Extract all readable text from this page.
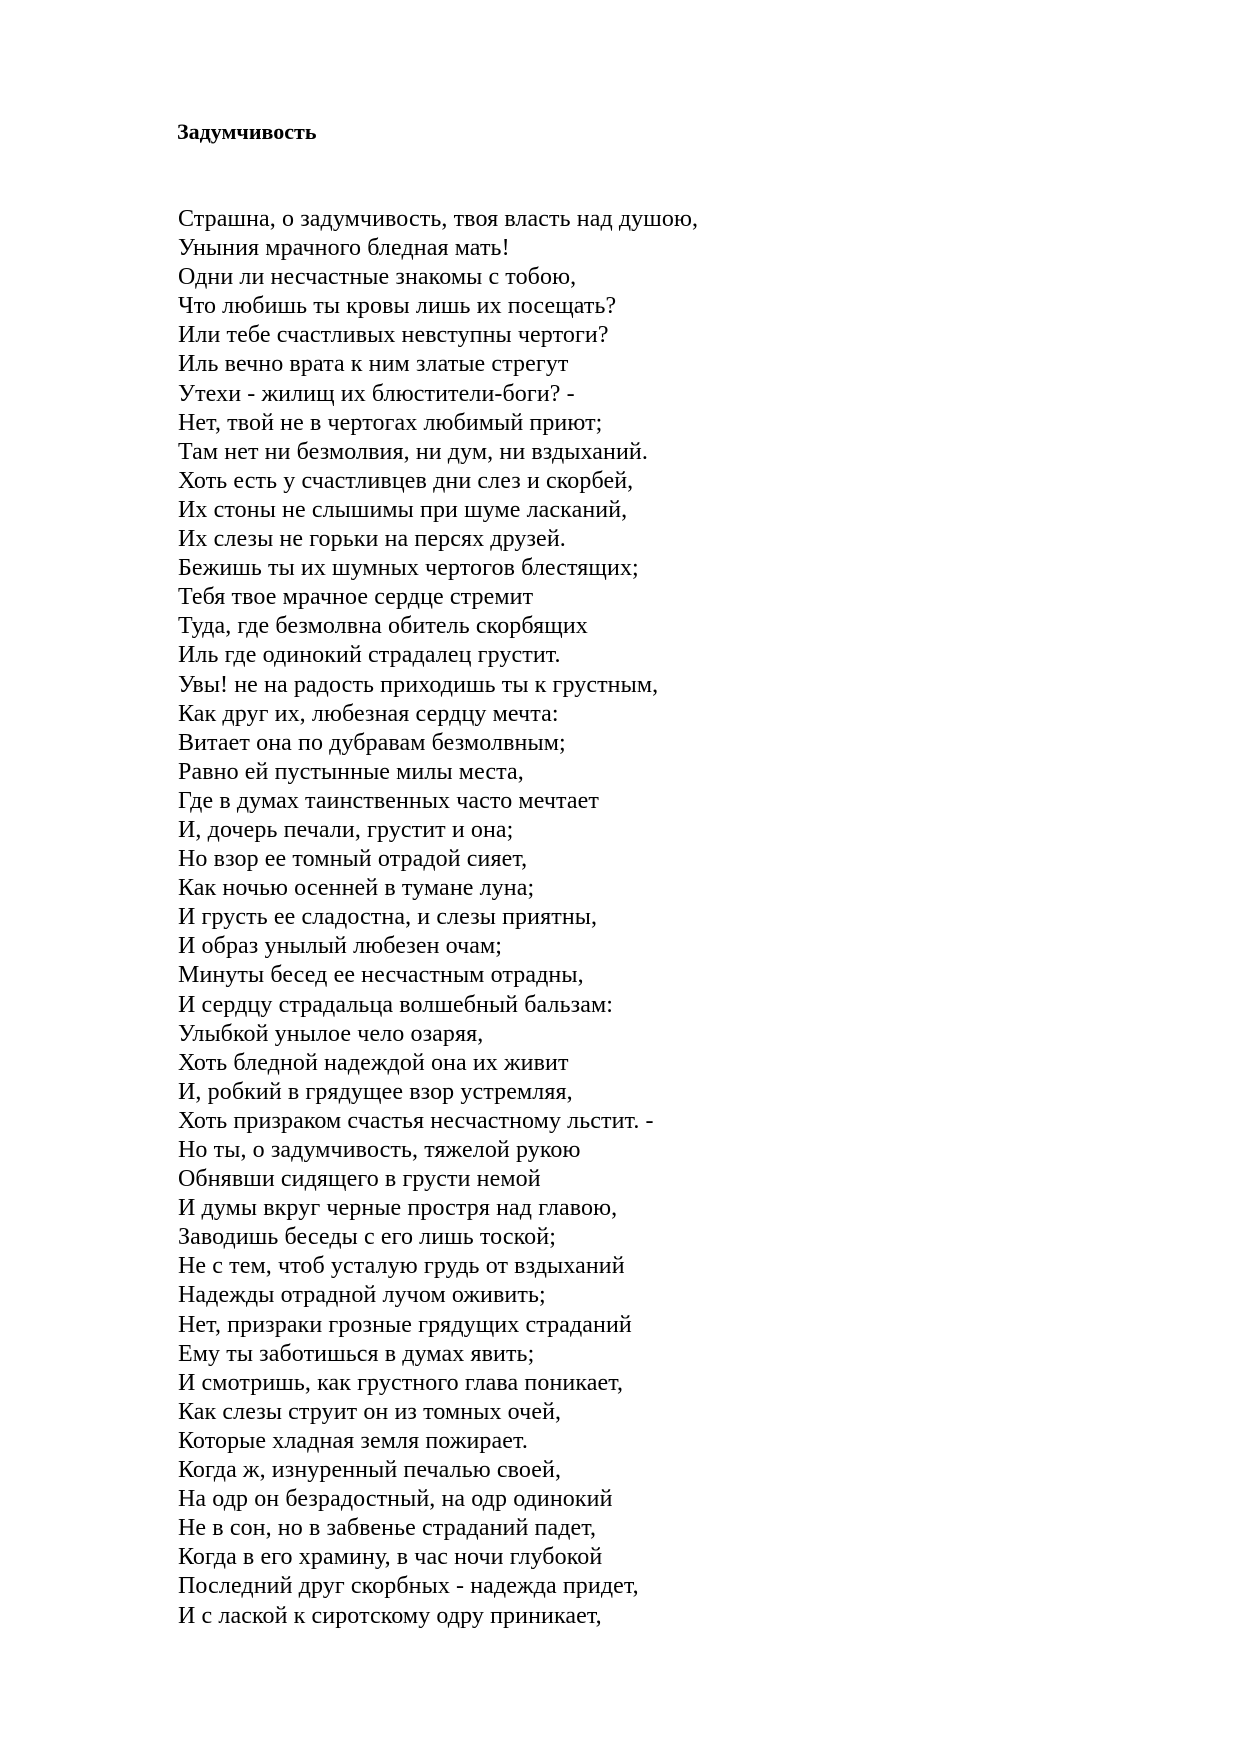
Задумчивость
Страшна, о задумчивость, твоя власть над душою,
Уныния мрачного бледная мать!
Одни ли несчастные знакомы с тобою,
Что любишь ты кровы лишь их посещать?
Или тебе счастливых невступны чертоги?
Иль вечно врата к ним златые стрегут
Утехи - жилищ их блюстители-боги? -
Нет, твой не в чертогах любимый приют;
Там нет ни безмолвия, ни дум, ни вздыханий.
Хоть есть у счастливцев дни слез и скорбей,
Их стоны не слышимы при шуме ласканий,
Их слезы не горьки на персях друзей.
Бежишь ты их шумных чертогов блестящих;
Тебя твое мрачное сердце стремит
Туда, где безмолвна обитель скорбящих
Иль где одинокий страдалец грустит.
Увы! не на радость приходишь ты к грустным,
Как друг их, любезная сердцу мечта:
Витает она по дубравам безмолвным;
Равно ей пустынные милы места,
Где в думах таинственных часто мечтает
И, дочерь печали, грустит и она;
Но взор ее томный отрадой сияет,
Как ночью осенней в тумане луна;
И грусть ее сладостна, и слезы приятны,
И образ унылый любезен очам;
Минуты бесед ее несчастным отрадны,
И сердцу страдальца волшебный бальзам:
Улыбкой унылое чело озаряя,
Хоть бледной надеждой она их живит
И, робкий в грядущее взор устремляя,
Хоть призраком счастья несчастному льстит. -
Но ты, о задумчивость, тяжелой рукою
Обнявши сидящего в грусти немой
И думы вкруг черные простря над главою,
Заводишь беседы с его лишь тоской;
Не с тем, чтоб усталую грудь от вздыханий
Надежды отрадной лучом оживить;
Нет, призраки грозные грядущих страданий
Ему ты заботишься в думах явить;
И смотришь, как грустного глава поникает,
Как слезы струит он из томных очей,
Которые хладная земля пожирает.
Когда ж, изнуренный печалью своей,
На одр он безрадостный, на одр одинокий
Не в сон, но в забвенье страданий падет,
Когда в его храмину, в час ночи глубокой
Последний друг скорбных - надежда придет,
И с лаской к сиротскому одру приникает,
